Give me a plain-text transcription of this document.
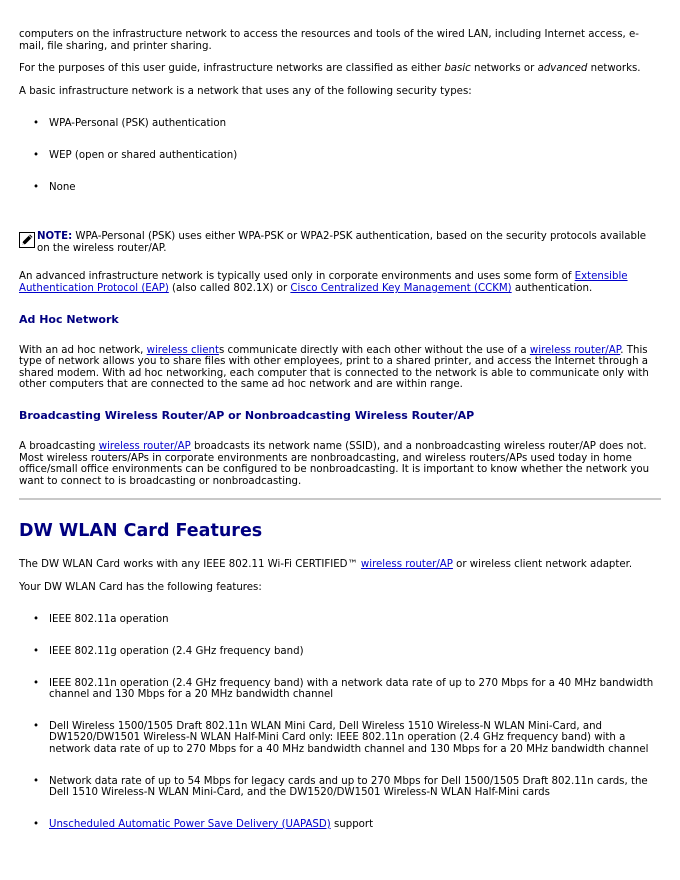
computers on the infrastructure network to access the resources and tools of the wired LAN, including Internet access, e-mail, file sharing, and printer sharing.

For the purposes of this user guide, infrastructure networks are classified as either basic networks or advanced networks.

A basic infrastructure network is a network that uses any of the following security types:

• WPA-Personal (PSK) authentication
• WEP (open or shared authentication)
• None
NOTE: WPA-Personal (PSK) uses either WPA-PSK or WPA2-PSK authentication, based on the security protocols available on the wireless router/AP.

An advanced infrastructure network is typically used only in corporate environments and uses some form of Extensible Authentication Protocol (EAP) (also called 802.1X) or Cisco Centralized Key Management (CCKM) authentication.

Ad Hoc Network

With an ad hoc network, wireless clients communicate directly with each other without the use of a wireless router/AP. This type of network allows you to share files with other employees, print to a shared printer, and access the Internet through a shared modem. With ad hoc networking, each computer that is connected to the network is able to communicate only with other computers that are connected to the same ad hoc network and are within range.

Broadcasting Wireless Router/AP or Nonbroadcasting Wireless Router/AP

A broadcasting wireless router/AP broadcasts its network name (SSID), and a nonbroadcasting wireless router/AP does not. Most wireless routers/APs in corporate environments are nonbroadcasting, and wireless routers/APs used today in home office/small office environments can be configured to be nonbroadcasting. It is important to know whether the network you want to connect to is broadcasting or nonbroadcasting.

DW WLAN Card Features

The DW WLAN Card works with any IEEE 802.11 Wi-Fi CERTIFIED™ wireless router/AP or wireless client network adapter.

Your DW WLAN Card has the following features:

• IEEE 802.11a operation
• IEEE 802.11g operation (2.4 GHz frequency band)
• IEEE 802.11n operation (2.4 GHz frequency band) with a network data rate of up to 270 Mbps for a 40 MHz bandwidth channel and 130 Mbps for a 20 MHz bandwidth channel
• Dell Wireless 1500/1505 Draft 802.11n WLAN Mini Card, Dell Wireless 1510 Wireless-N WLAN Mini-Card, and DW1520/DW1501 Wireless-N WLAN Half-Mini Card only: IEEE 802.11n operation (2.4 GHz frequency band) with a network data rate of up to 270 Mbps for a 40 MHz bandwidth channel and 130 Mbps for a 20 MHz bandwidth channel
• Network data rate of up to 54 Mbps for legacy cards and up to 270 Mbps for Dell 1500/1505 Draft 802.11n cards, the Dell 1510 Wireless-N WLAN Mini-Card, and the DW1520/DW1501 Wireless-N WLAN Half-Mini cards
• Unscheduled Automatic Power Save Delivery (UAPASD) support
